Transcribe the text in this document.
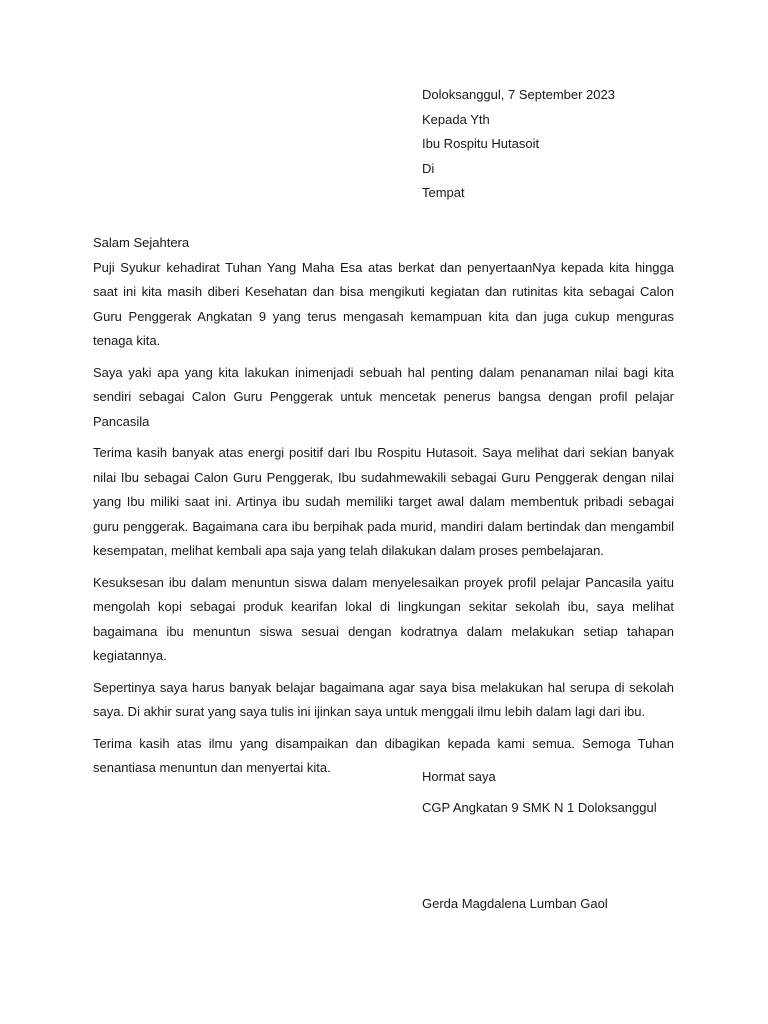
Doloksanggul, 7 September 2023
Kepada Yth
Ibu Rospitu Hutasoit
Di
Tempat
Salam Sejahtera

Puji Syukur kehadirat Tuhan Yang Maha Esa atas berkat dan penyertaanNya kepada kita hingga saat ini kita masih diberi Kesehatan dan bisa mengikuti kegiatan dan rutinitas kita sebagai Calon Guru Penggerak Angkatan 9 yang terus mengasah kemampuan kita dan juga cukup menguras tenaga kita.

Saya yaki apa yang kita lakukan inimenjadi sebuah hal penting dalam penanaman nilai bagi kita sendiri sebagai Calon Guru Penggerak untuk mencetak penerus bangsa dengan profil pelajar Pancasila

Terima kasih banyak atas energi positif dari Ibu Rospitu Hutasoit. Saya melihat dari sekian banyak nilai Ibu sebagai Calon Guru Penggerak, Ibu sudahmewakili sebagai Guru Penggerak dengan nilai yang Ibu miliki saat ini. Artinya ibu sudah memiliki target awal dalam membentuk pribadi sebagai guru penggerak. Bagaimana cara ibu berpihak pada murid, mandiri dalam bertindak dan mengambil kesempatan, melihat kembali apa saja yang telah dilakukan dalam proses pembelajaran.

Kesuksesan ibu dalam menuntun siswa dalam menyelesaikan proyek profil pelajar Pancasila yaitu mengolah kopi sebagai produk kearifan lokal di lingkungan sekitar sekolah ibu, saya melihat bagaimana ibu menuntun siswa sesuai dengan kodratnya dalam melakukan setiap tahapan kegiatannya.

Sepertinya saya harus banyak belajar bagaimana agar saya bisa melakukan hal serupa di sekolah saya. Di akhir surat yang saya tulis ini ijinkan saya untuk menggali ilmu lebih dalam lagi dari ibu.

Terima kasih atas ilmu yang disampaikan dan dibagikan kepada kami semua. Semoga Tuhan senantiasa menuntun dan menyertai kita.

Hormat saya
CGP Angkatan 9 SMK N 1 Doloksanggul
Gerda Magdalena Lumban Gaol
